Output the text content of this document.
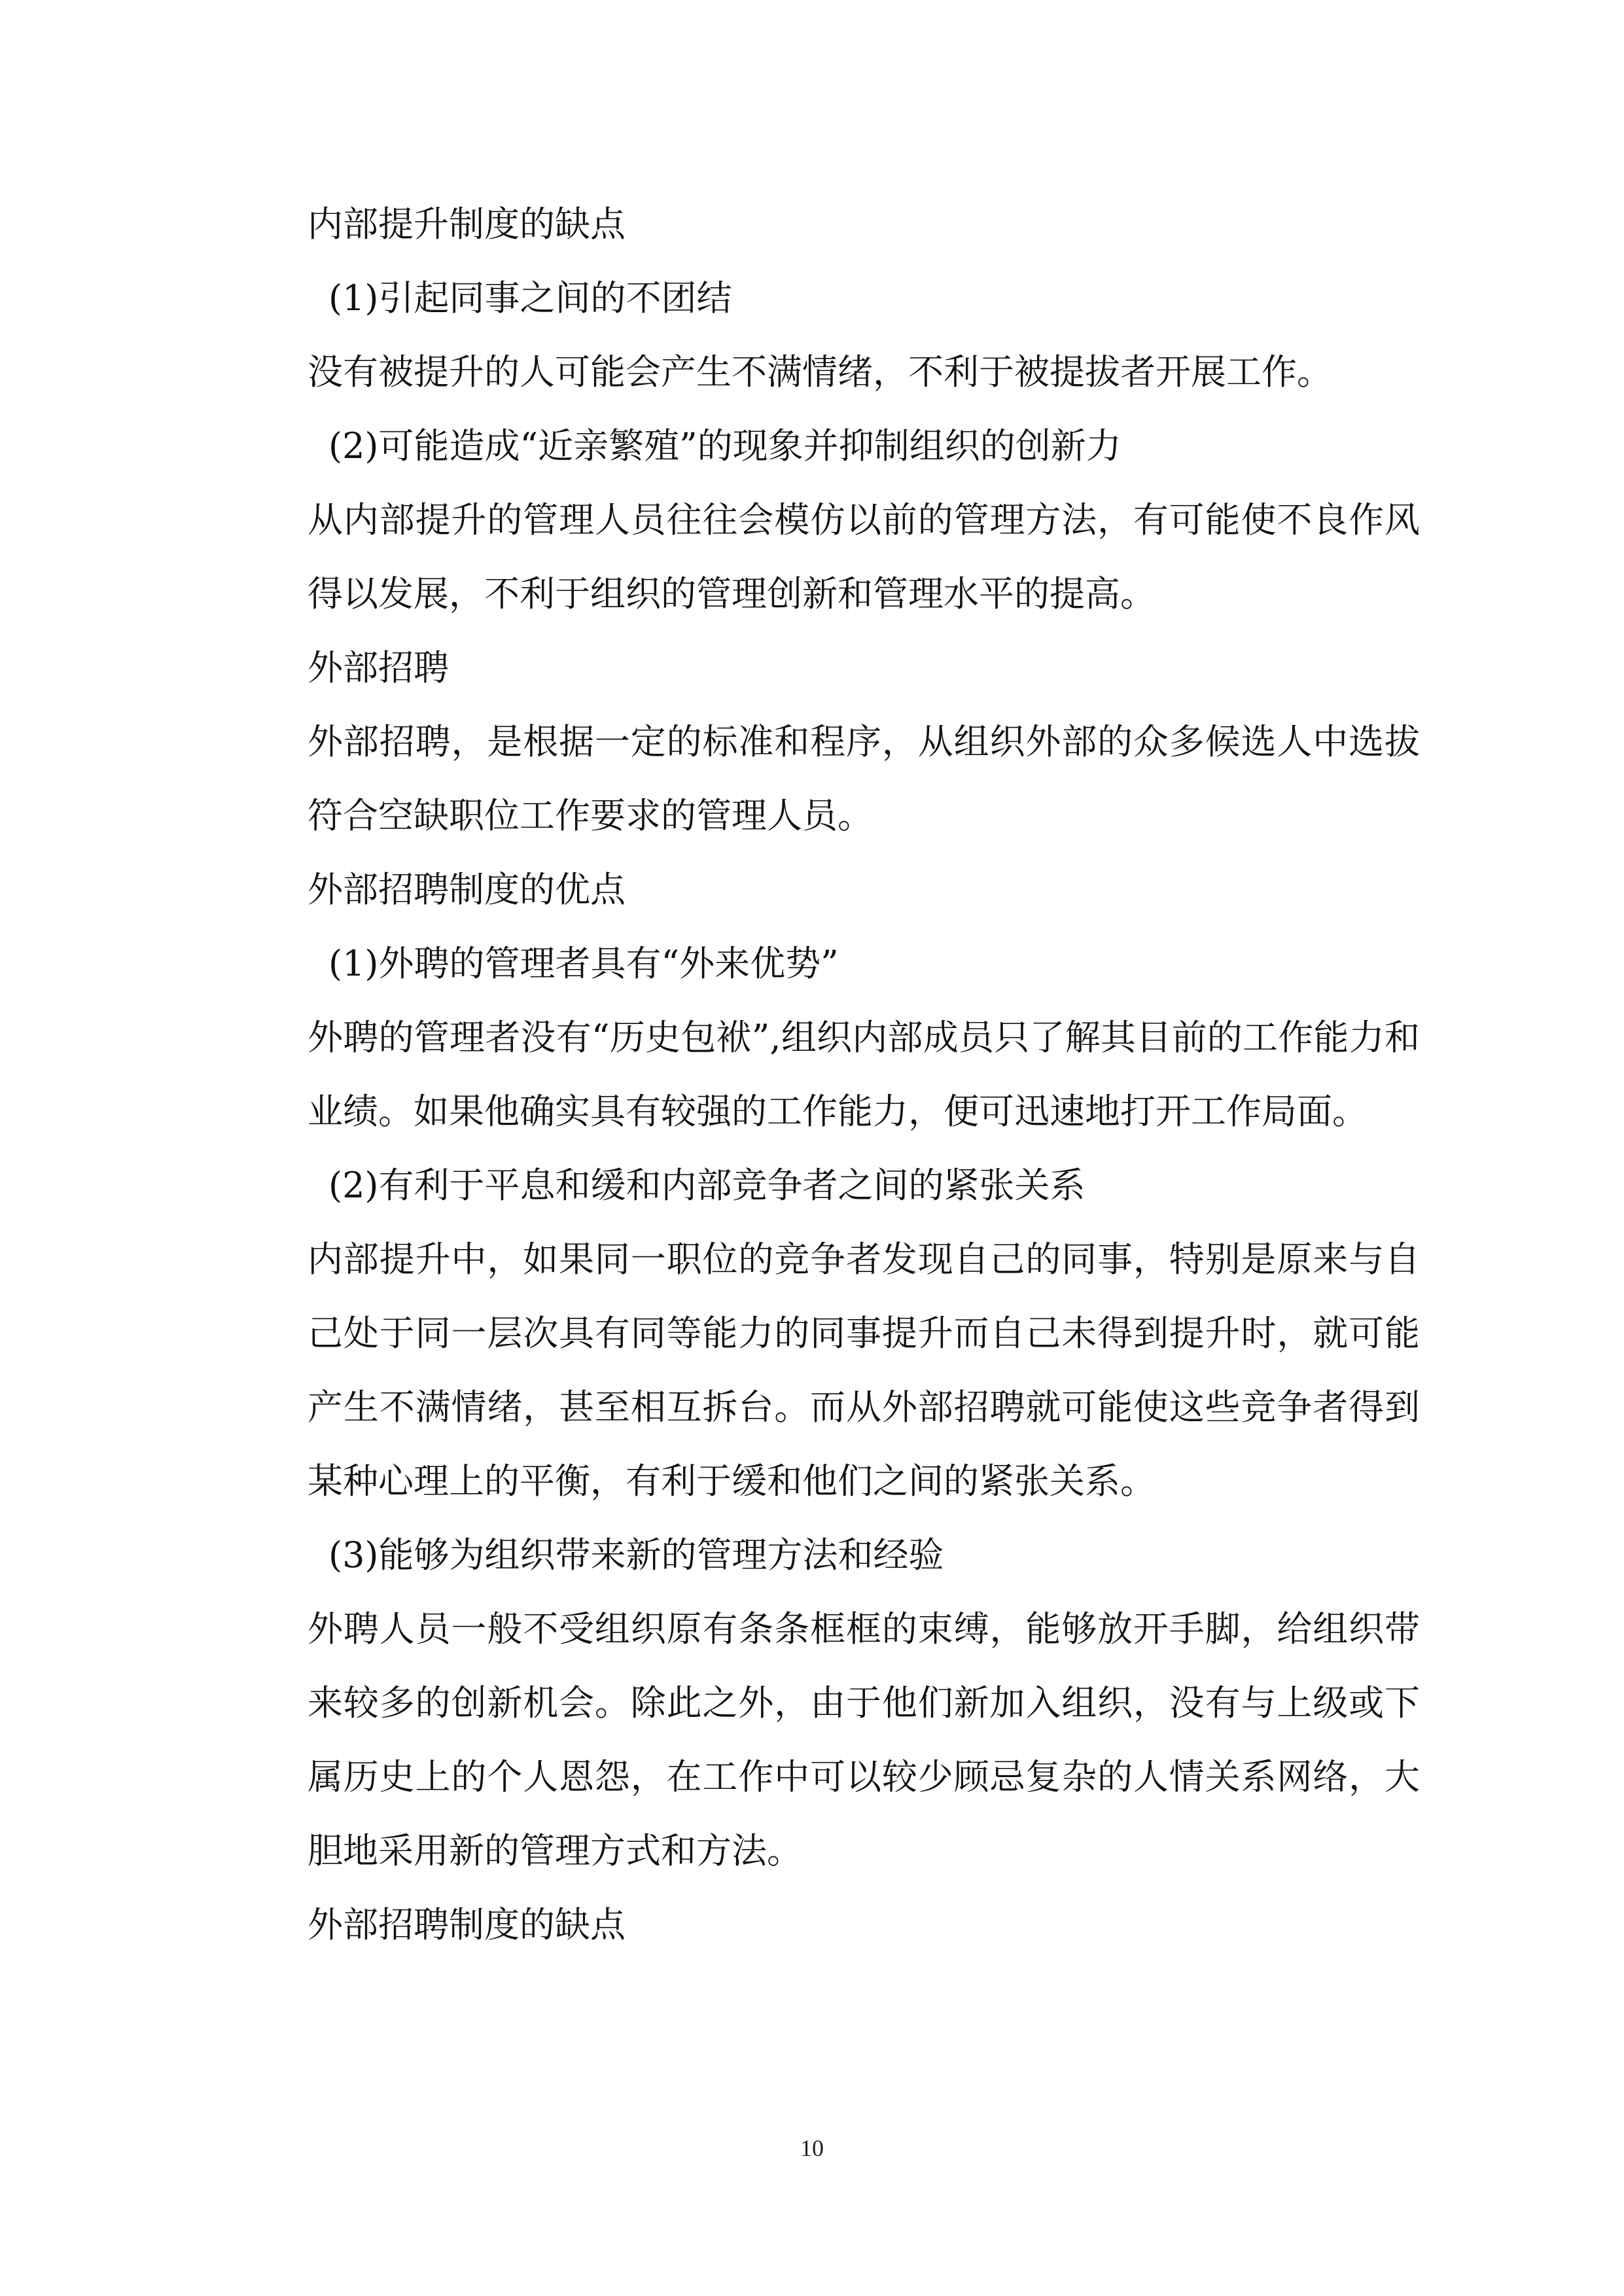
内部提升制度的缺点

(1)引起同事之间的不团结

没有被提升的人可能会产生不满情绪，不利于被提拔者开展工作。

(2)可能造成“近亲繁殖”的现象并抑制组织的创新力

从内部提升的管理人员往往会模仿以前的管理方法，有可能使不良作风得以发展，不利于组织的管理创新和管理水平的提高。

外部招聘

外部招聘，是根据一定的标准和程序，从组织外部的众多候选人中选拔符合空缺职位工作要求的管理人员。

外部招聘制度的优点

(1)外聘的管理者具有“外来优势”

外聘的管理者没有“历史包袱”,组织内部成员只了解其目前的工作能力和业绩。如果他确实具有较强的工作能力，便可迅速地打开工作局面。

(2)有利于平息和缓和内部竞争者之间的紧张关系

内部提升中，如果同一职位的竞争者发现自己的同事，特别是原来与自己处于同一层次具有同等能力的同事提升而自己未得到提升时，就可能产生不满情绪，甚至相互拆台。而从外部招聘就可能使这些竞争者得到某种心理上的平衡，有利于缓和他们之间的紧张关系。

(3)能够为组织带来新的管理方法和经验

外聘人员一般不受组织原有条条框框的束缚，能够放开手脚，给组织带来较多的创新机会。除此之外，由于他们新加入组织，没有与上级或下属历史上的个人恩怨，在工作中可以较少顾忌复杂的人情关系网络，大胆地采用新的管理方式和方法。

外部招聘制度的缺点

10
